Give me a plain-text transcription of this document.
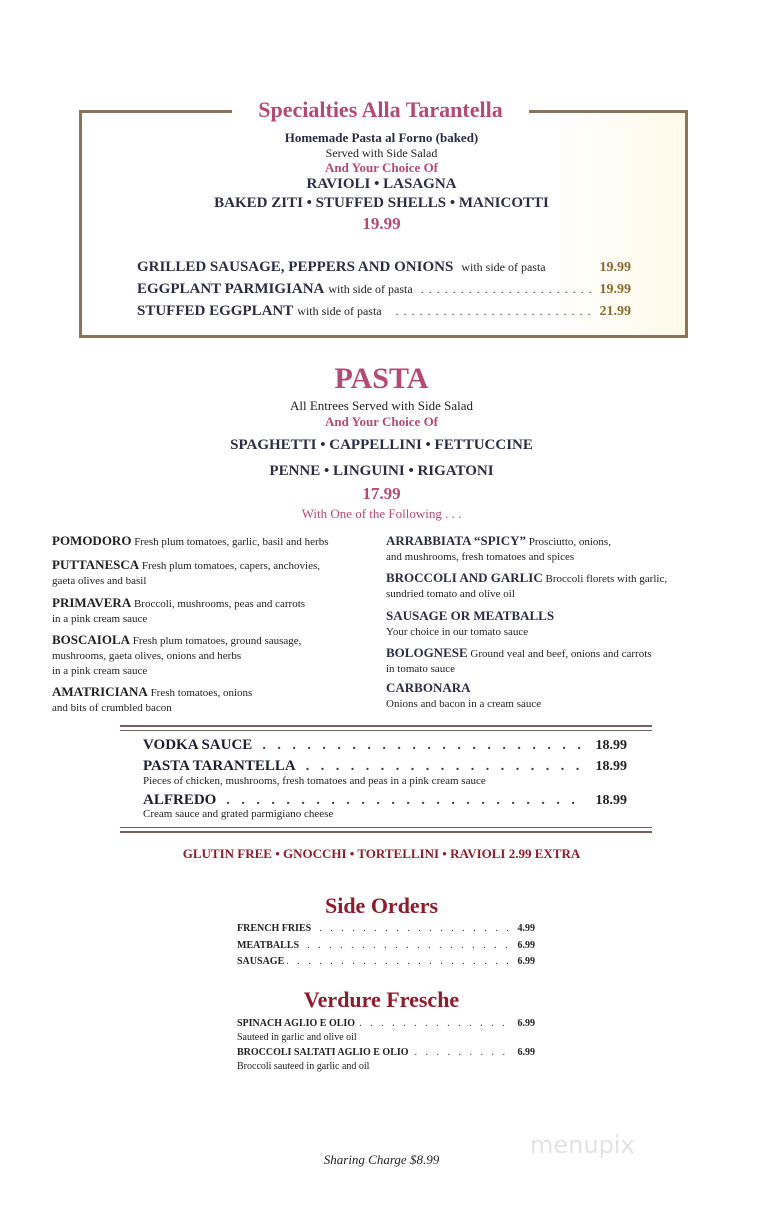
Specialties Alla Tarantella
Homemade Pasta al Forno (baked)
Served with Side Salad
And Your Choice Of
RAVIOLI • LASAGNA
BAKED ZITI • STUFFED SHELLS • MANICOTTI
19.99
GRILLED SAUSAGE, PEPPERS AND ONIONS with side of pasta	19.99
EGGPLANT PARMIGIANA with side of pasta . . .	19.99
STUFFED EGGPLANT with side of pasta . . .	21.99
PASTA
All Entrees Served with Side Salad
And Your Choice Of
SPAGHETTI • CAPPELLINI • FETTUCCINE
PENNE • LINGUINI • RIGATONI
17.99
With One of the Following . . .
POMODORO Fresh plum tomatoes, garlic, basil and herbs
PUTTANESCA Fresh plum tomatoes, capers, anchovies,
gaeta olives and basil
PRIMAVERA Broccoli, mushrooms, peas and carrots
in a pink cream sauce
BOSCAIOLA Fresh plum tomatoes, ground sausage,
mushrooms, gaeta olives, onions and herbs
in a pink cream sauce
AMATRICIANA Fresh tomatoes, onions
and bits of crumbled bacon
ARRABBIATA “SPICY” Prosciutto, onions,
and mushrooms, fresh tomatoes and spices
BROCCOLI AND GARLIC Broccoli florets with garlic,
sundried tomato and olive oil
SAUSAGE OR MEATBALLS
Your choice in our tomato sauce
BOLOGNESE Ground veal and beef, onions and carrots
in tomato sauce
CARBONARA
Onions and bacon in a cream sauce
VODKA SAUCE . . .	18.99
PASTA TARANTELLA . . .	18.99
Pieces of chicken, mushrooms, fresh tomatoes and peas in a pink cream sauce
ALFREDO . . .	18.99
Cream sauce and grated parmigiano cheese
GLUTIN FREE • GNOCCHI • TORTELLINI • RAVIOLI 2.99 EXTRA
Side Orders
FRENCH FRIES . . .	4.99
MEATBALLS . . .	6.99
SAUSAGE . . .	6.99
Verdure Fresche
SPINACH AGLIO E OLIO . . .	6.99
Sauteed in garlic and olive oil
BROCCOLI SALTATI AGLIO E OLIO . . .	6.99
Broccoli sauteed in garlic and oil
menupix
Sharing Charge $8.99
